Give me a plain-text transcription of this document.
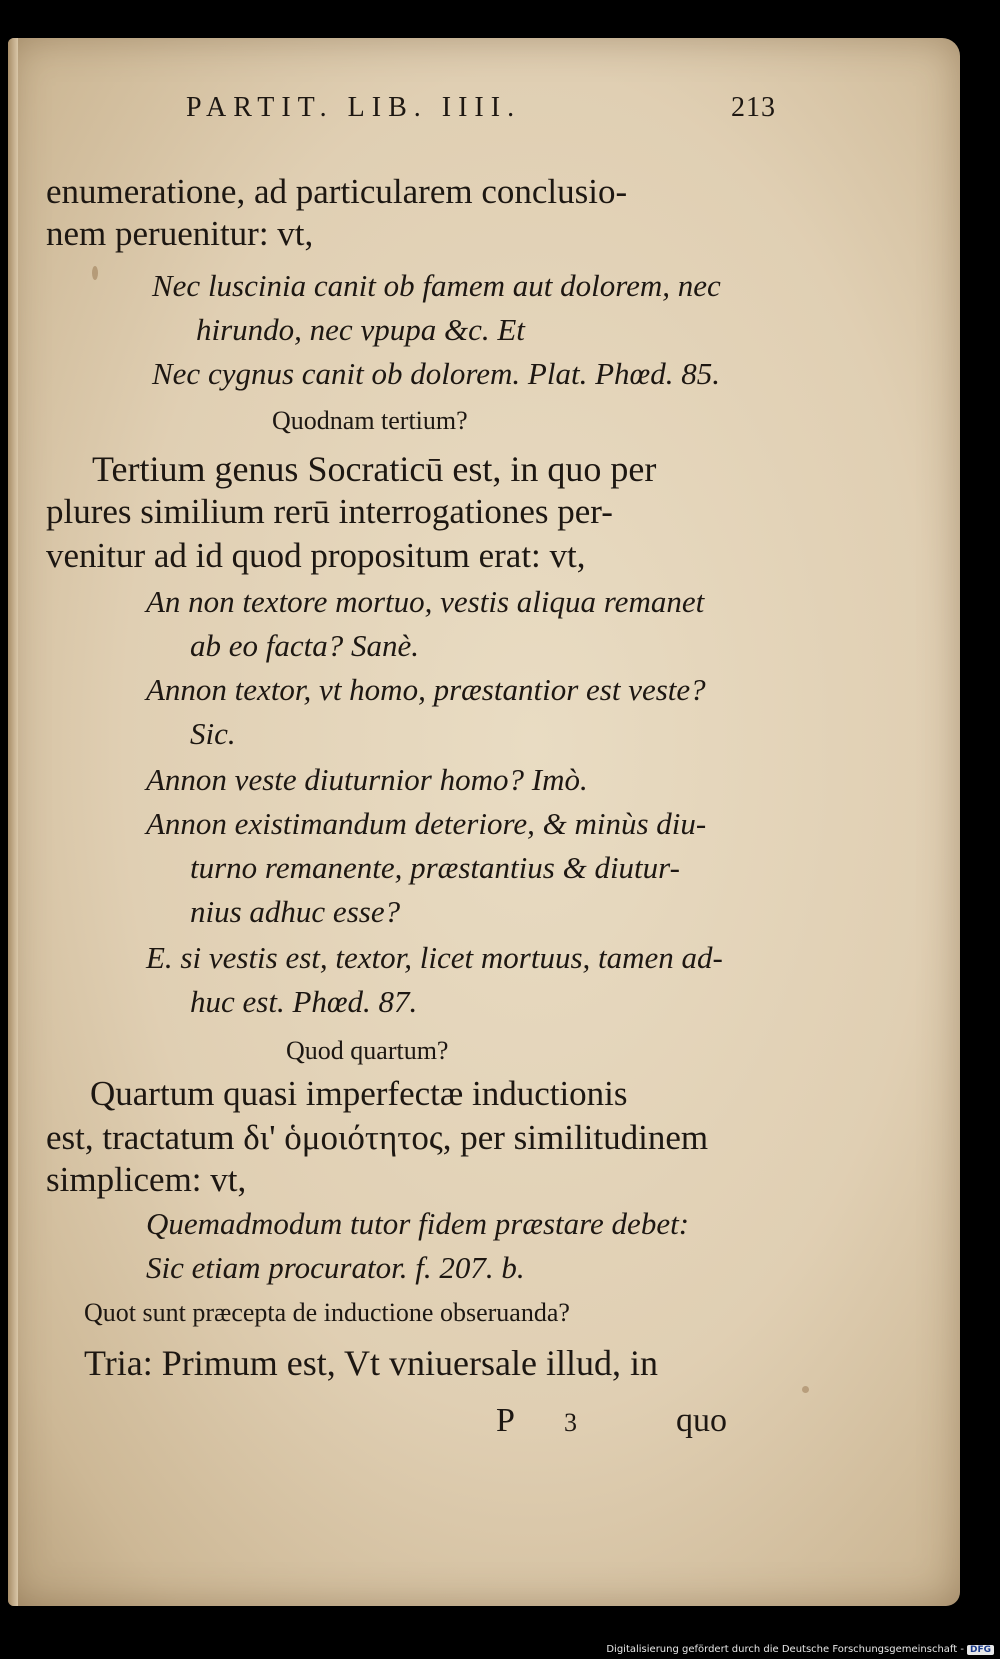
PARTIT. LIB. IIII.	213
enumeratione, ad particularem conclusio-
nem peruenitur: vt,
Nec luscinia canit ob famem aut dolorem, nec
hirundo, nec vpupa &c. Et
Nec cygnus canit ob dolorem. Plat. Phœd. 85.
Quodnam tertium?
Tertium genus Socraticū est, in quo per
plures similium rerū interrogationes per-
venitur ad id quod propositum erat: vt,
An non textore mortuo, vestis aliqua remanet
ab eo facta? Sanè.
Annon textor, vt homo, præstantior est veste?
Sic.
Annon veste diuturnior homo? Imò.
Annon existimandum deteriore, & minùs diu-
turno remanente, præstantius & diutur-
nius adhuc esse?
E. si vestis est, textor, licet mortuus, tamen ad-
huc est. Phœd. 87.
Quod quartum?
Quartum quasi imperfectæ inductionis
est, tractatum δι' ὁμοιότητος, per similitudinem
simplicem: vt,
Quemadmodum tutor fidem præstare debet:
Sic etiam procurator. f. 207. b.
Quot sunt præcepta de inductione obseruanda?
Tria: Primum est, Vt vniuersale illud, in
P 3	quo
Digitalisierung gefördert durch die Deutsche Forschungsgemeinschaft - DFG
